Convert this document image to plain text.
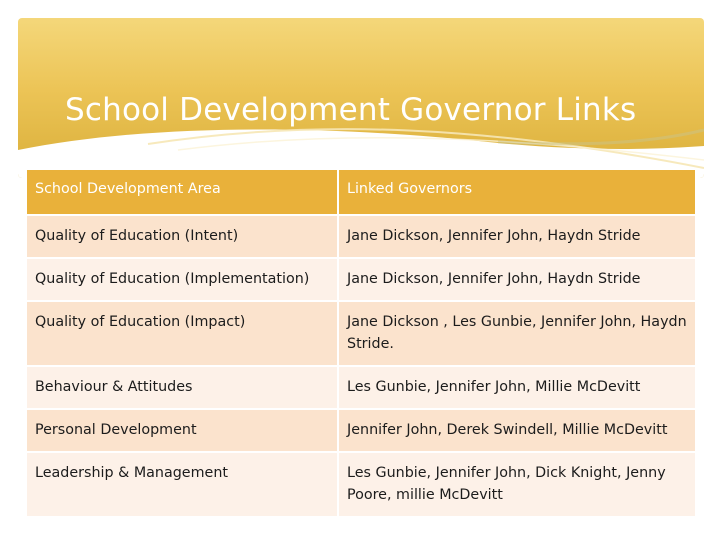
School Development Governor Links
School Development Area	Linked Governors
Quality of Education (Intent)	Jane Dickson, Jennifer John, Haydn Stride
Quality of Education (Implementation)	Jane Dickson, Jennifer John, Haydn Stride
Quality of Education (Impact)	Jane Dickson , Les Gunbie, Jennifer John, Haydn Stride.
Behaviour & Attitudes	Les Gunbie, Jennifer John, Millie McDevitt
Personal Development	Jennifer John, Derek Swindell, Millie McDevitt
Leadership & Management	Les Gunbie, Jennifer John, Dick Knight, Jenny Poore, millie McDevitt
